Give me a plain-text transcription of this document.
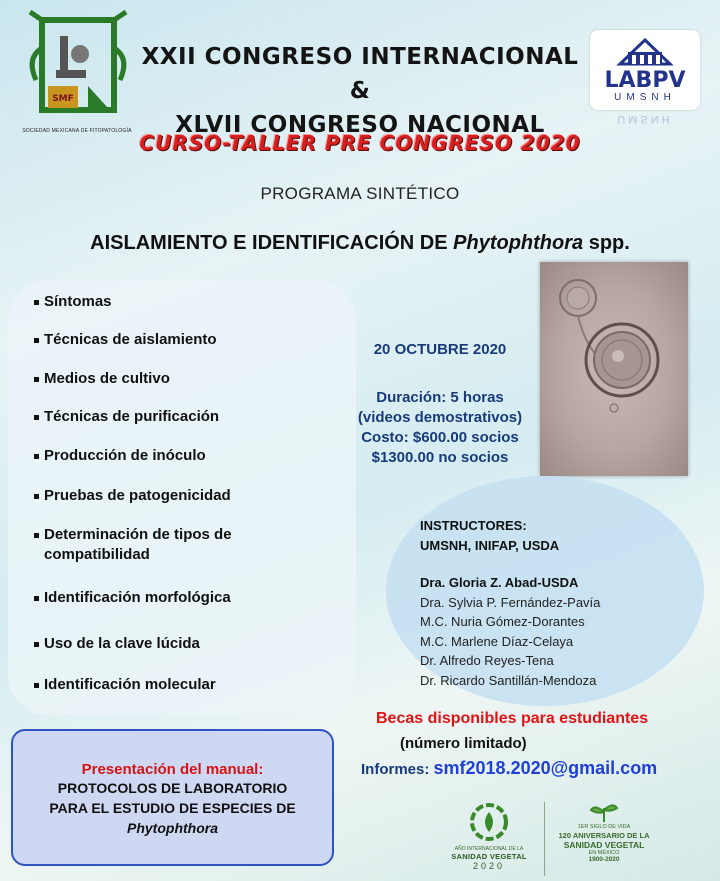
SMF
SOCIEDAD MEXICANA DE FITOPATOLOGÍA
XXII CONGRESO INTERNACIONAL &
XLVII CONGRESO NACIONAL
LABPV
UMSNH
UMSNH
CURSO-TALLER PRE CONGRESO 2020
PROGRAMA SINTÉTICO
AISLAMIENTO E IDENTIFICACIÓN DE Phytophthora spp.
Síntomas
Técnicas de aislamiento
Medios de cultivo
Técnicas de purificación
Producción de inóculo
Pruebas de patogenicidad
Determinación de tipos de compatibilidad
Identificación morfológica
Uso de la clave lúcida
Identificación molecular
20 OCTUBRE 2020
Duración: 5 horas
(videos demostrativos)
Costo: $600.00 socios
$1300.00 no socios
INSTRUCTORES:
UMSNH, INIFAP, USDA
Dra. Gloria Z. Abad-USDA
Dra. Sylvia P. Fernández-Pavía
M.C. Nuria Gómez-Dorantes
M.C. Marlene Díaz-Celaya
Dr. Alfredo Reyes-Tena
Dr. Ricardo Santillán-Mendoza
Becas disponibles para estudiantes
(número limitado)
Informes: smf2018.2020@gmail.com
Presentación del manual:
PROTOCOLOS DE LABORATORIO
PARA EL ESTUDIO DE ESPECIES DE
Phytophthora
AÑO INTERNACIONAL DE LA
SANIDAD VEGETAL
2020
1ER SIGLO DE VIDA
120 ANIVERSARIO DE LA
SANIDAD VEGETAL
EN MÉXICO
1900-2020
